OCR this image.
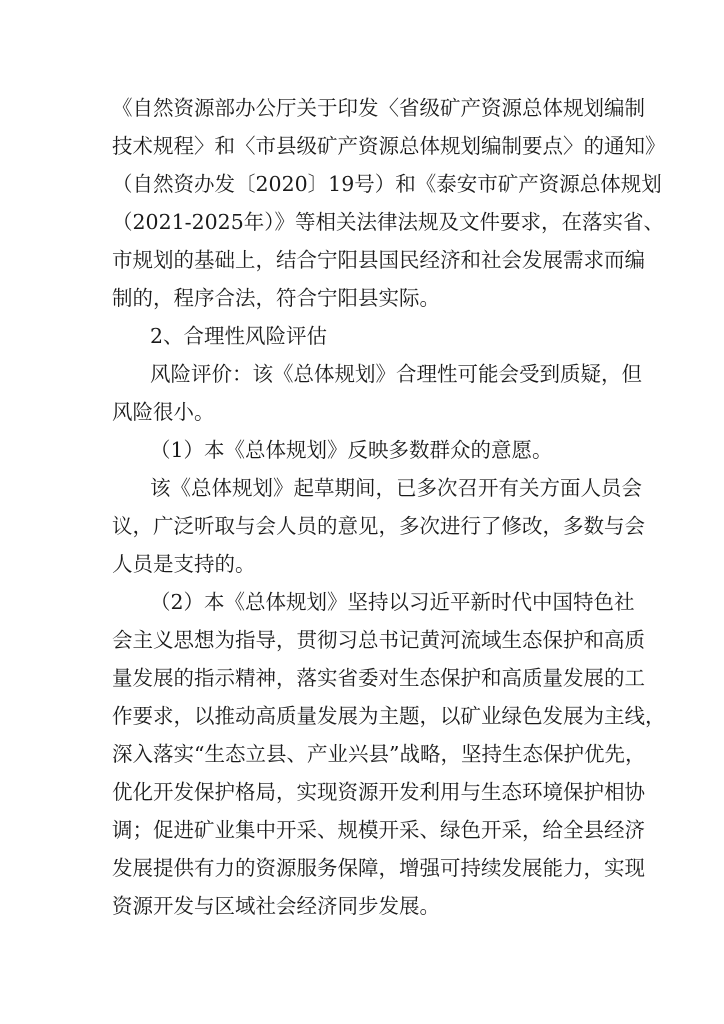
《自然资源部办公厅关于印发〈省级矿产资源总体规划编制
技术规程〉和〈市县级矿产资源总体规划编制要点〉的通知》
（自然资办发〔2020〕19号）和《泰安市矿产资源总体规划
（2021-2025年）》等相关法律法规及文件要求，在落实省、
市规划的基础上，结合宁阳县国民经济和社会发展需求而编
制的，程序合法，符合宁阳县实际。
2、合理性风险评估
风险评价：该《总体规划》合理性可能会受到质疑，但
风险很小。
（1）本《总体规划》反映多数群众的意愿。
该《总体规划》起草期间，已多次召开有关方面人员会
议，广泛听取与会人员的意见，多次进行了修改，多数与会
人员是支持的。
（2）本《总体规划》坚持以习近平新时代中国特色社
会主义思想为指导，贯彻习总书记黄河流域生态保护和高质
量发展的指示精神，落实省委对生态保护和高质量发展的工
作要求，以推动高质量发展为主题，以矿业绿色发展为主线，
深入落实“生态立县、产业兴县”战略，坚持生态保护优先，
优化开发保护格局，实现资源开发利用与生态环境保护相协
调；促进矿业集中开采、规模开采、绿色开采，给全县经济
发展提供有力的资源服务保障，增强可持续发展能力，实现
资源开发与区域社会经济同步发展。
